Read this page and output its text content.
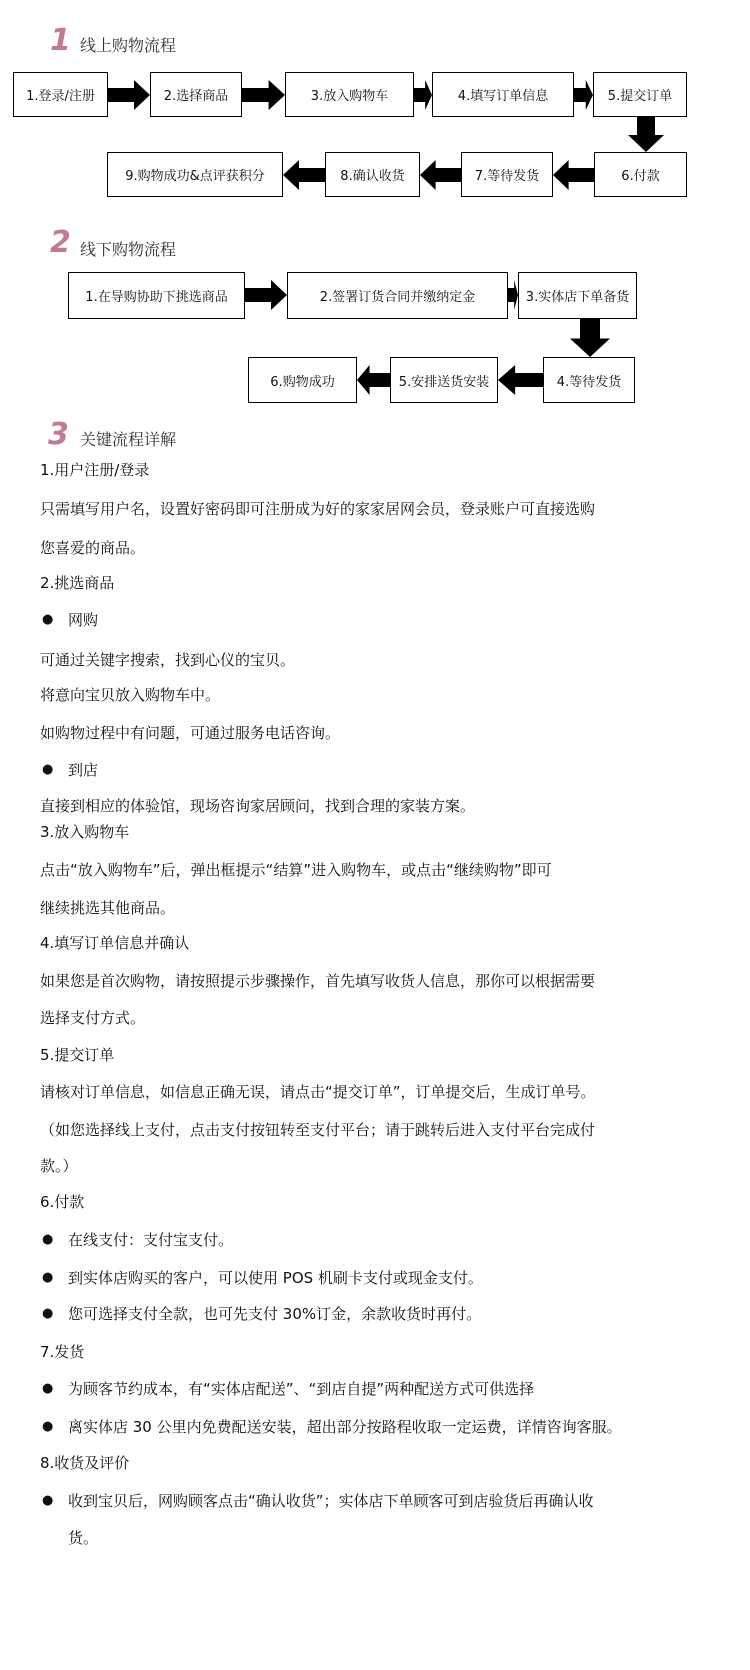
1 线上购物流程
1.登录/注册	2.选择商品	3.放入购物车	4.填写订单信息	5.提交订单
6.付款
7.等待发货
8.确认收货
9.购物成功&点评获积分
2 线下购物流程
1.在导购协助下挑选商品	2.签署订货合同并缴纳定金	3.实体店下单备货
4.等待发货
5.安排送货安装
6.购物成功
3 关键流程详解
1.用户注册/登录
只需填写用户名，设置好密码即可注册成为好的家家居网会员，登录账户可直接选购
您喜爱的商品。
2.挑选商品
网购
●
可通过关键字搜索，找到心仪的宝贝。
将意向宝贝放入购物车中。
如购物过程中有问题，可通过服务电话咨询。
到店
●
直接到相应的体验馆，现场咨询家居顾问，找到合理的家装方案。
3.放入购物车
点击“放入购物车”后，弹出框提示“结算”进入购物车，或点击“继续购物”即可
继续挑选其他商品。
4.填写订单信息并确认
如果您是首次购物，请按照提示步骤操作，首先填写收货人信息，那你可以根据需要
选择支付方式。
5.提交订单
请核对订单信息，如信息正确无误，请点击“提交订单”，订单提交后，生成订单号。
（如您选择线上支付，点击支付按钮转至支付平台；请于跳转后进入支付平台完成付
款。）
6.付款
在线支付：支付宝支付。
●
到实体店购买的客户，可以使用 POS 机刷卡支付或现金支付。
●
您可选择支付全款，也可先支付 30%订金，余款收货时再付。
●
7.发货
为顾客节约成本，有“实体店配送”、“到店自提”两种配送方式可供选择
●
离实体店 30 公里内免费配送安装，超出部分按路程收取一定运费，详情咨询客服。
●
8.收货及评价
收到宝贝后，网购顾客点击“确认收货”；实体店下单顾客可到店验货后再确认收
●
货。
